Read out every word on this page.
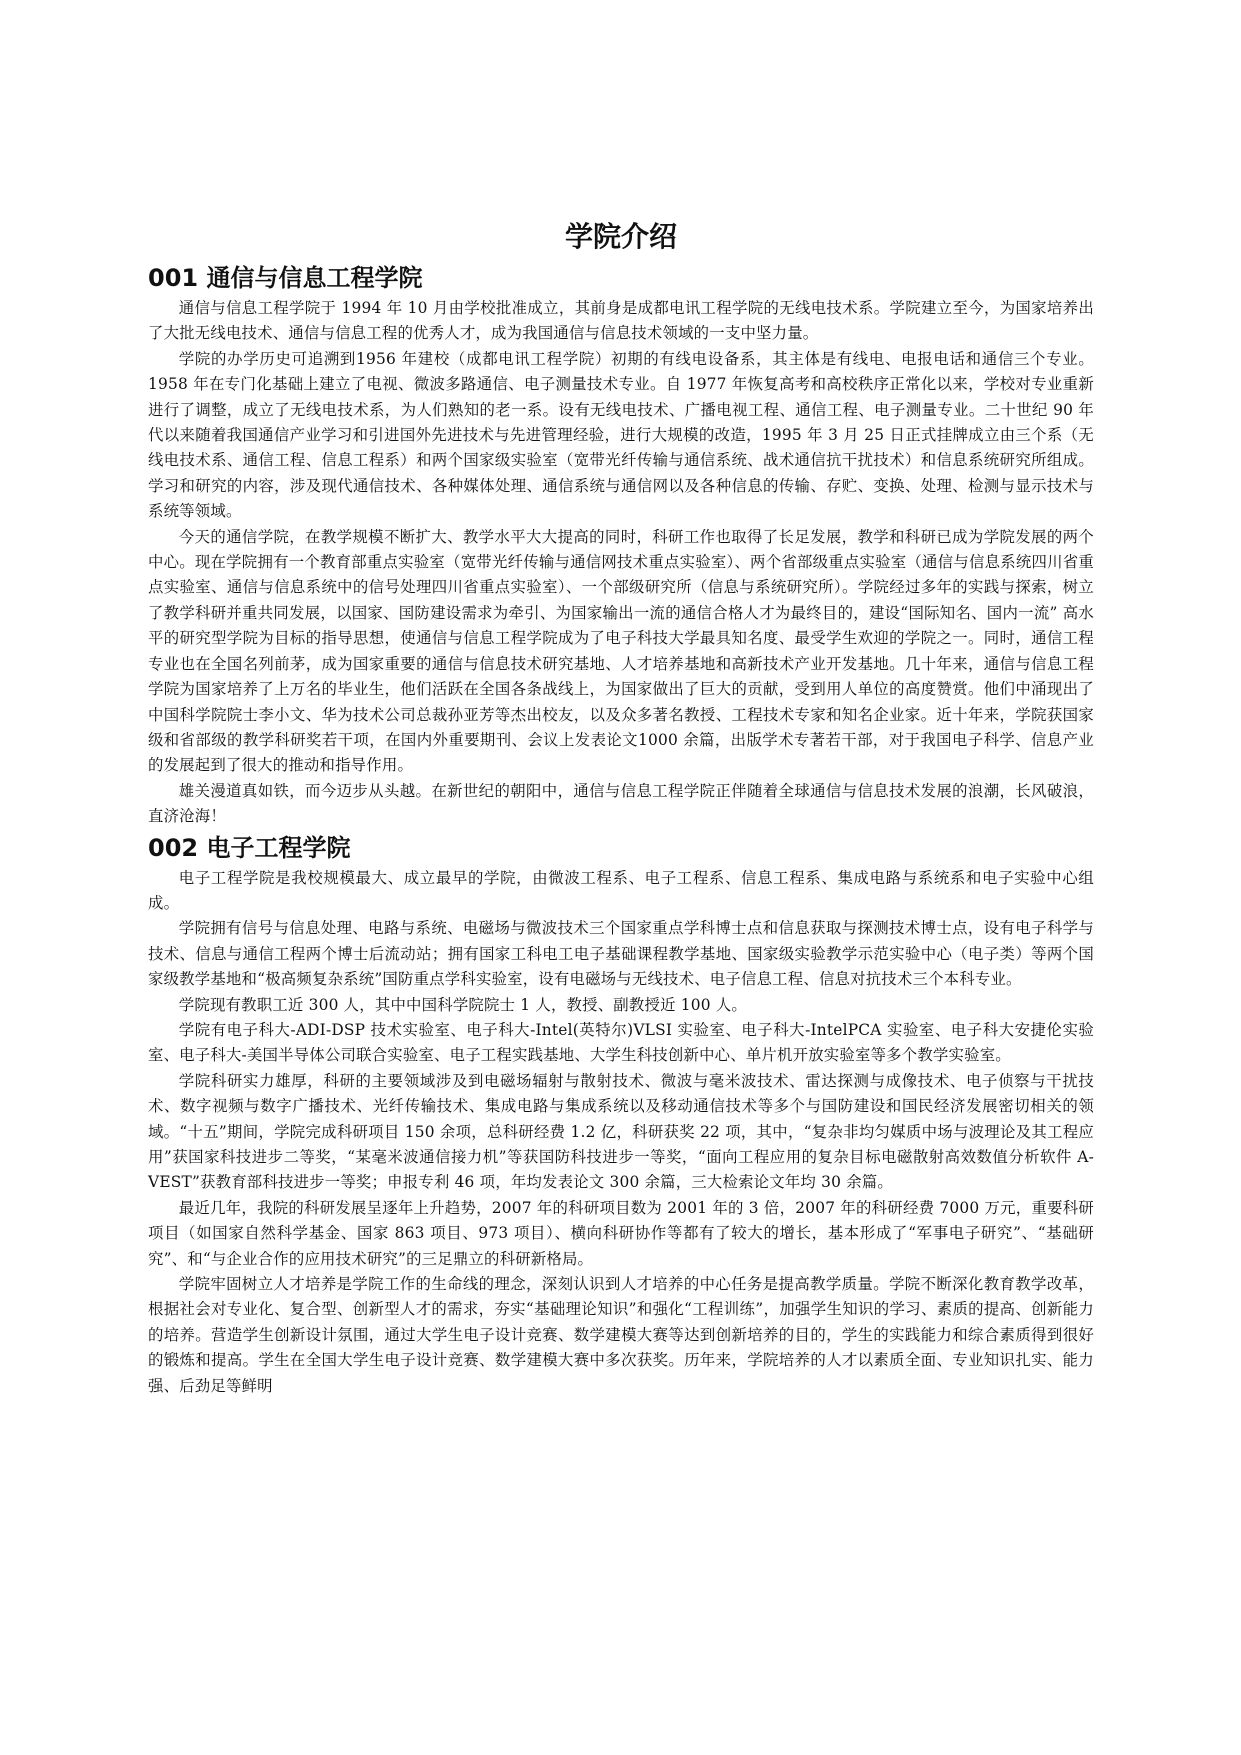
学院介绍
001 通信与信息工程学院

通信与信息工程学院于 1994 年 10 月由学校批准成立，其前身是成都电讯工程学院的无线电技术系。学院建立至今，为国家培养出了大批无线电技术、通信与信息工程的优秀人才，成为我国通信与信息技术领域的一支中坚力量。

学院的办学历史可追溯到1956 年建校（成都电讯工程学院）初期的有线电设备系，其主体是有线电、电报电话和通信三个专业。1958 年在专门化基础上建立了电视、微波多路通信、电子测量技术专业。自 1977 年恢复高考和高校秩序正常化以来，学校对专业重新进行了调整，成立了无线电技术系，为人们熟知的老一系。设有无线电技术、广播电视工程、通信工程、电子测量专业。二十世纪 90 年代以来随着我国通信产业学习和引进国外先进技术与先进管理经验，进行大规模的改造，1995 年 3 月 25 日正式挂牌成立由三个系（无线电技术系、通信工程、信息工程系）和两个国家级实验室（宽带光纤传输与通信系统、战术通信抗干扰技术）和信息系统研究所组成。学习和研究的内容，涉及现代通信技术、各种媒体处理、通信系统与通信网以及各种信息的传输、存贮、变换、处理、检测与显示技术与系统等领域。

今天的通信学院，在教学规模不断扩大、教学水平大大提高的同时，科研工作也取得了长足发展，教学和科研已成为学院发展的两个中心。现在学院拥有一个教育部重点实验室（宽带光纤传输与通信网技术重点实验室）、两个省部级重点实验室（通信与信息系统四川省重点实验室、通信与信息系统中的信号处理四川省重点实验室）、一个部级研究所（信息与系统研究所）。学院经过多年的实践与探索，树立了教学科研并重共同发展，以国家、国防建设需求为牵引、为国家输出一流的通信合格人才为最终目的，建设“国际知名、国内一流” 高水平的研究型学院为目标的指导思想，使通信与信息工程学院成为了电子科技大学最具知名度、最受学生欢迎的学院之一。同时，通信工程专业也在全国名列前茅，成为国家重要的通信与信息技术研究基地、人才培养基地和高新技术产业开发基地。几十年来，通信与信息工程学院为国家培养了上万名的毕业生，他们活跃在全国各条战线上，为国家做出了巨大的贡献，受到用人单位的高度赞赏。他们中涌现出了中国科学院院士李小文、华为技术公司总裁孙亚芳等杰出校友，以及众多著名教授、工程技术专家和知名企业家。近十年来，学院获国家级和省部级的教学科研奖若干项，在国内外重要期刊、会议上发表论文1000 余篇，出版学术专著若干部，对于我国电子科学、信息产业的发展起到了很大的推动和指导作用。

雄关漫道真如铁，而今迈步从头越。在新世纪的朝阳中，通信与信息工程学院正伴随着全球通信与信息技术发展的浪潮，长风破浪，直济沧海！

002 电子工程学院

电子工程学院是我校规模最大、成立最早的学院，由微波工程系、电子工程系、信息工程系、集成电路与系统系和电子实验中心组成。

学院拥有信号与信息处理、电路与系统、电磁场与微波技术三个国家重点学科博士点和信息获取与探测技术博士点，设有电子科学与技术、信息与通信工程两个博士后流动站；拥有国家工科电工电子基础课程教学基地、国家级实验教学示范实验中心（电子类）等两个国家级教学基地和“极高频复杂系统”国防重点学科实验室，设有电磁场与无线技术、电子信息工程、信息对抗技术三个本科专业。

学院现有教职工近 300 人，其中中国科学院院士 1 人，教授、副教授近 100 人。

学院有电子科大-ADI-DSP 技术实验室、电子科大-Intel(英特尔)VLSI 实验室、电子科大-IntelPCA 实验室、电子科大安捷伦实验室、电子科大-美国半导体公司联合实验室、电子工程实践基地、大学生科技创新中心、单片机开放实验室等多个教学实验室。

学院科研实力雄厚，科研的主要领域涉及到电磁场辐射与散射技术、微波与毫米波技术、雷达探测与成像技术、电子侦察与干扰技术、数字视频与数字广播技术、光纤传输技术、集成电路与集成系统以及移动通信技术等多个与国防建设和国民经济发展密切相关的领域。“十五”期间，学院完成科研项目 150 余项，总科研经费 1.2 亿，科研获奖 22 项，其中，“复杂非均匀媒质中场与波理论及其工程应用”获国家科技进步二等奖，“某毫米波通信接力机”等获国防科技进步一等奖，“面向工程应用的复杂目标电磁散射高效数值分析软件 A-VEST”获教育部科技进步一等奖；申报专利 46 项，年均发表论文 300 余篇，三大检索论文年均 30 余篇。

最近几年，我院的科研发展呈逐年上升趋势，2007 年的科研项目数为 2001 年的 3 倍，2007 年的科研经费 7000 万元，重要科研项目（如国家自然科学基金、国家 863 项目、973 项目）、横向科研协作等都有了较大的增长，基本形成了“军事电子研究”、“基础研究”、和“与企业合作的应用技术研究”的三足鼎立的科研新格局。

学院牢固树立人才培养是学院工作的生命线的理念，深刻认识到人才培养的中心任务是提高教学质量。学院不断深化教育教学改革，根据社会对专业化、复合型、创新型人才的需求，夯实“基础理论知识”和强化“工程训练”，加强学生知识的学习、素质的提高、创新能力的培养。营造学生创新设计氛围，通过大学生电子设计竞赛、数学建模大赛等达到创新培养的目的，学生的实践能力和综合素质得到很好的锻炼和提高。学生在全国大学生电子设计竞赛、数学建模大赛中多次获奖。历年来，学院培养的人才以素质全面、专业知识扎实、能力强、后劲足等鲜明
